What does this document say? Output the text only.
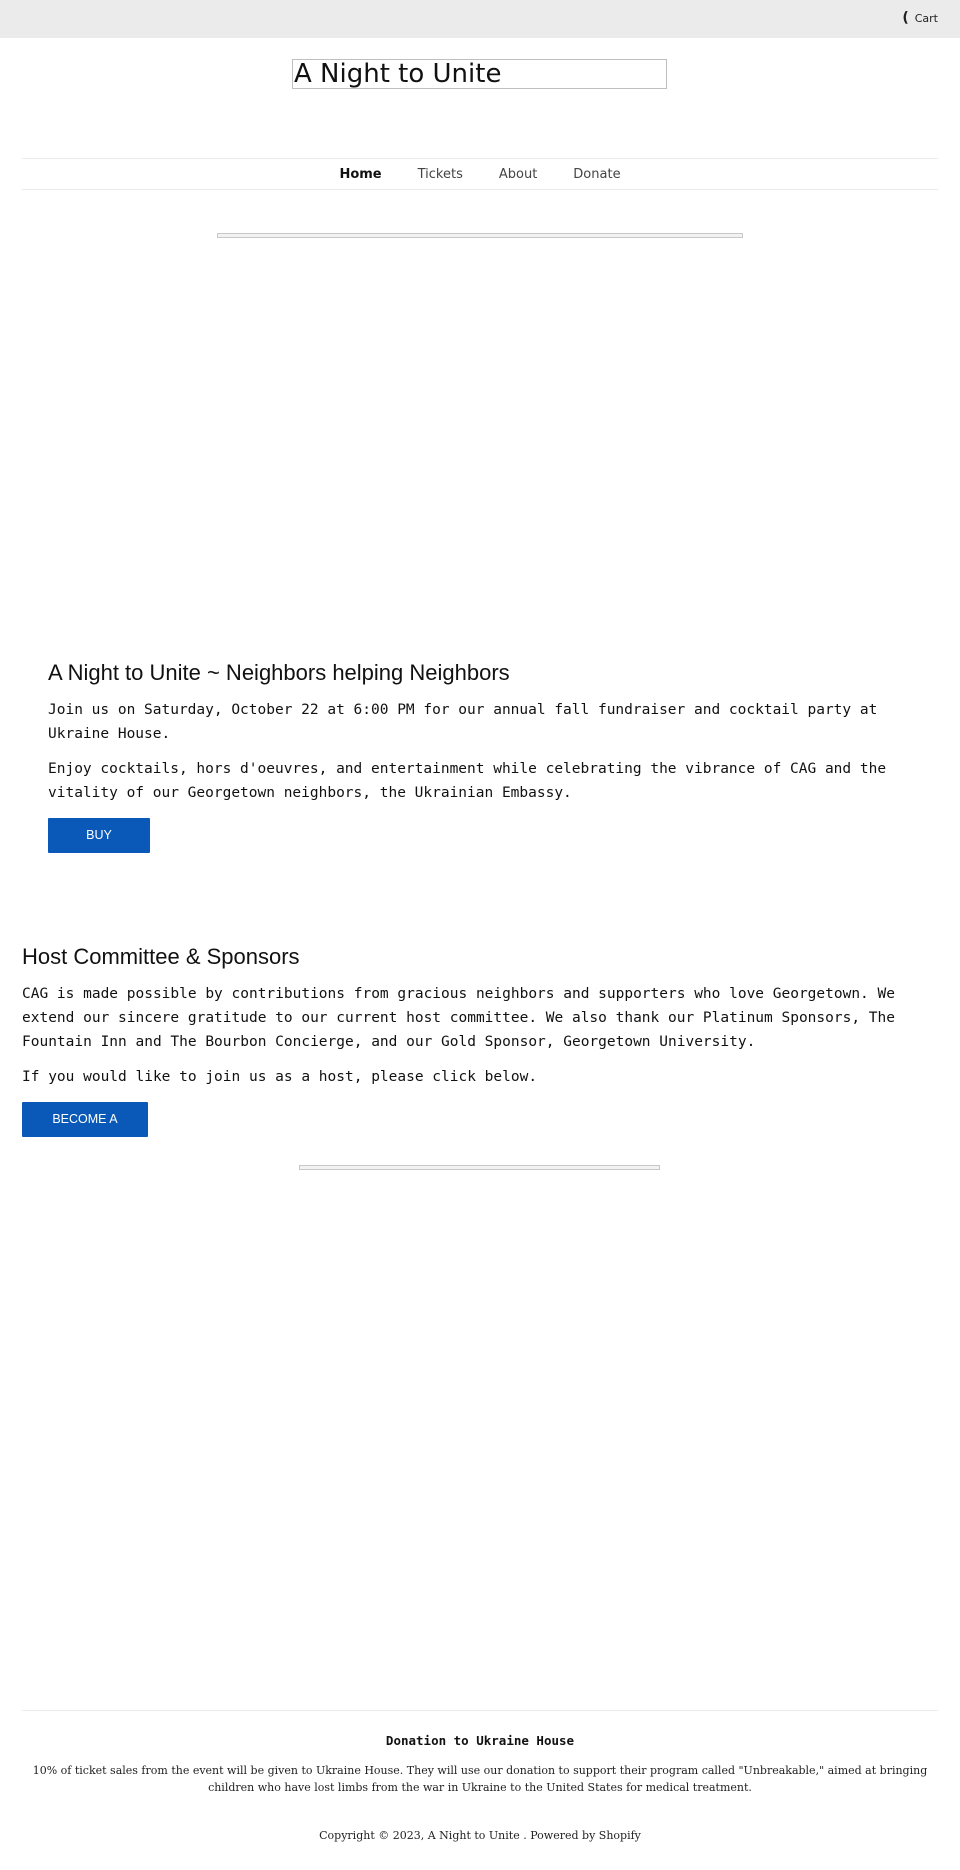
( Cart
A Night to Unite
Home	Tickets	About	Donate
A Night to Unite ~ Neighbors helping Neighbors

Join us on Saturday, October 22 at 6:00 PM for our annual fall fundraiser and cocktail party at Ukraine House.

Enjoy cocktails, hors d'oeuvres, and entertainment while celebrating the vibrance of CAG and the vitality of our Georgetown neighbors, the Ukrainian Embassy.

BUY TICKETS
Host Committee & Sponsors

CAG is made possible by contributions from gracious neighbors and supporters who love Georgetown. We extend our sincere gratitude to our current host committee. We also thank our Platinum Sponsors, The Fountain Inn and The Bourbon Concierge, and our Gold Sponsor, Georgetown University.

If you would like to join us as a host, please click below.

BECOME A HOST
Donation to Ukraine House
10% of ticket sales from the event will be given to Ukraine House. They will use our donation to support their program called "Unbreakable," aimed at bringing children who have lost limbs from the war in Ukraine to the United States for medical treatment.
Copyright © 2023, A Night to Unite . Powered by Shopify
